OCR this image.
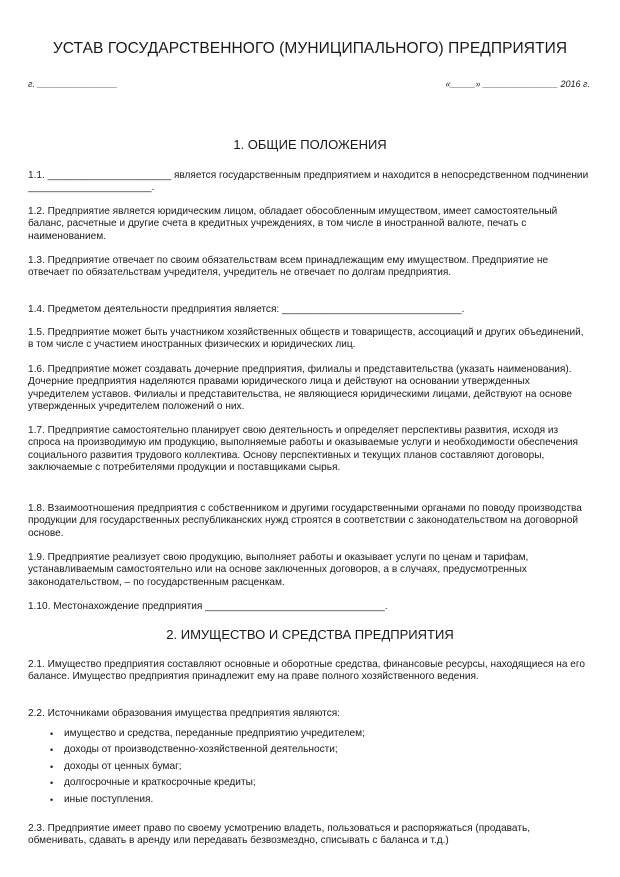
УСТАВ ГОСУДАРСТВЕННОГО (МУНИЦИПАЛЬНОГО) ПРЕДПРИЯТИЯ
г. ________________	«_____» _______________ 2016 г.
1. ОБЩИЕ ПОЛОЖЕНИЯ

1.1. ______________________ является государственным предприятием и находится в непосредственном подчинении ______________________.

1.2. Предприятие является юридическим лицом, обладает обособленным имуществом, имеет самостоятельный баланс, расчетные и другие счета в кредитных учреждениях, в том числе в иностранной валюте, печать с наименованием.

1.3. Предприятие отвечает по своим обязательствам всем принадлежащим ему имуществом. Предприятие не отвечает по обязательствам учредителя, учредитель не отвечает по долгам предприятия.

1.4. Предметом деятельности предприятия является: ________________________________.

1.5. Предприятие может быть участником хозяйственных обществ и товариществ, ассоциаций и других объединений, в том числе с участием иностранных физических и юридических лиц.

1.6. Предприятие может создавать дочерние предприятия, филиалы и представительства (указать наименования). Дочерние предприятия наделяются правами юридического лица и действуют на основании утвержденных учредителем уставов. Филиалы и представительства, не являющиеся юридическими лицами, действуют на основе утвержденных учредителем положений о них.

1.7. Предприятие самостоятельно планирует свою деятельность и определяет перспективы развития, исходя из спроса на производимую им продукцию, выполняемые работы и оказываемые услуги и необходимости обеспечения социального развития трудового коллектива. Основу перспективных и текущих планов составляют договоры, заключаемые с потребителями продукции и поставщиками сырья.

1.8. Взаимоотношения предприятия с собственником и другими государственными органами по поводу производства продукции для государственных республиканских нужд строятся в соответствии с законодательством на договорной основе.

1.9. Предприятие реализует свою продукцию, выполняет работы и оказывает услуги по ценам и тарифам, устанавливаемым самостоятельно или на основе заключенных договоров, а в случаях, предусмотренных законодательством, – по государственным расценкам.

1.10. Местонахождение предприятия ________________________________.

2. ИМУЩЕСТВО И СРЕДСТВА ПРЕДПРИЯТИЯ

2.1. Имущество предприятия составляют основные и оборотные средства, финансовые ресурсы, находящиеся на его балансе. Имущество предприятия принадлежит ему на праве полного хозяйственного ведения.

2.2. Источниками образования имущества предприятия являются:

• имущество и средства, переданные предприятию учредителем;
• доходы от производственно-хозяйственной деятельности;
• доходы от ценных бумаг;
• долгосрочные и краткосрочные кредиты;
• иные поступления.

2.3. Предприятие имеет право по своему усмотрению владеть, пользоваться и распоряжаться (продавать, обменивать, сдавать в аренду или передавать безвозмездно, списывать с баланса и т.д.)
